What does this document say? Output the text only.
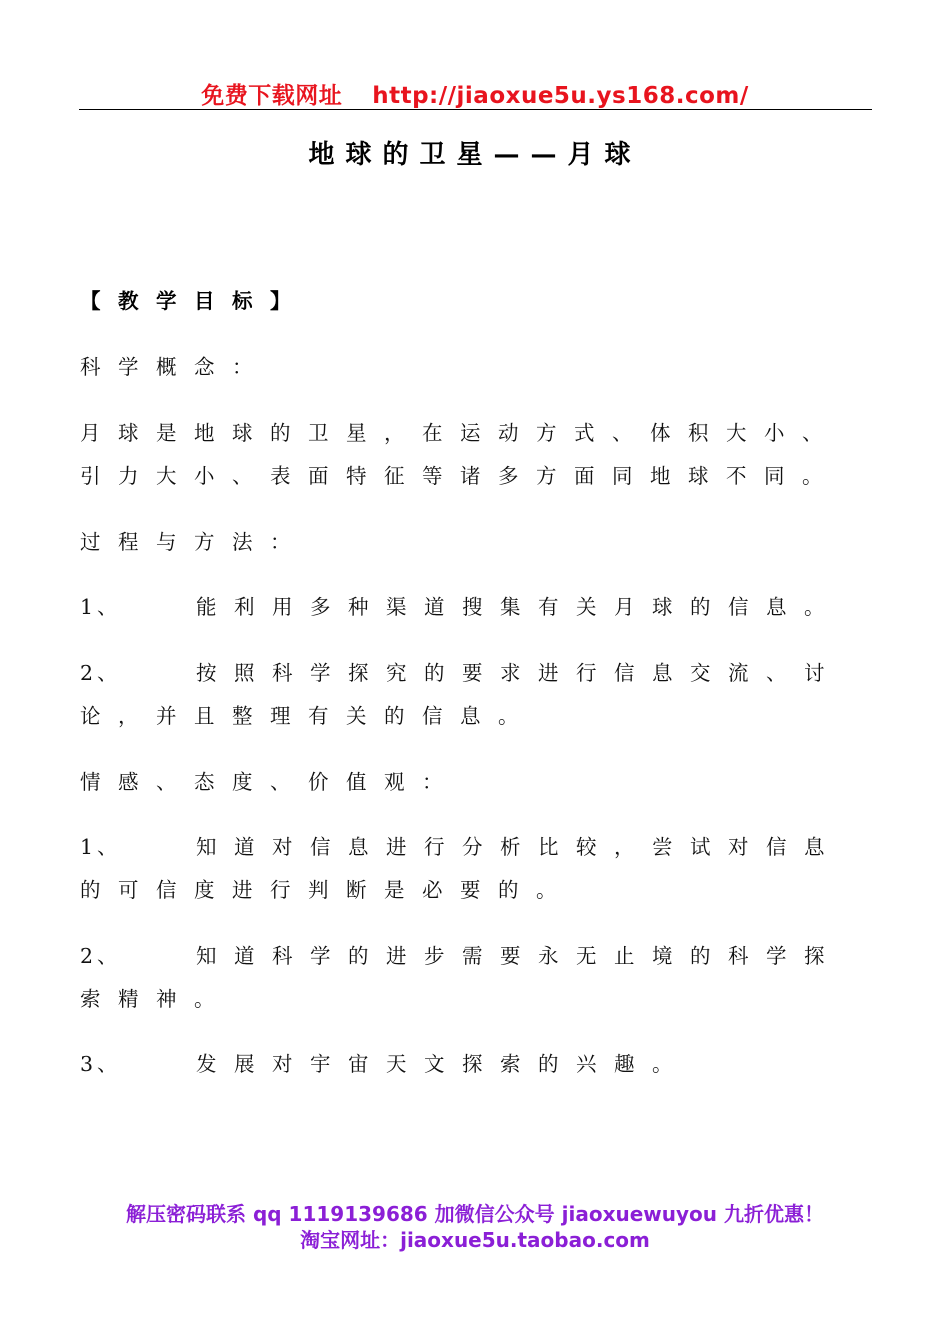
免费下载网址 http://jiaoxue5u.ys168.com/
地球的卫星——月球
【教学目标】
科学概念：
月球是地球的卫星，在运动方式、体积大小、
引力大小、表面特征等诸多方面同地球不同。
过程与方法：
1、	能利用多种渠道搜集有关月球的信息。
2、	按照科学探究的要求进行信息交流、讨
论，并且整理有关的信息。
情感、态度、价值观：
1、	知道对信息进行分析比较，尝试对信息
的可信度进行判断是必要的。
2、	知道科学的进步需要永无止境的科学探
索精神。
3、	发展对宇宙天文探索的兴趣。
解压密码联系 qq 1119139686 加微信公众号 jiaoxuewuyou 九折优惠！
淘宝网址：jiaoxue5u.taobao.com
